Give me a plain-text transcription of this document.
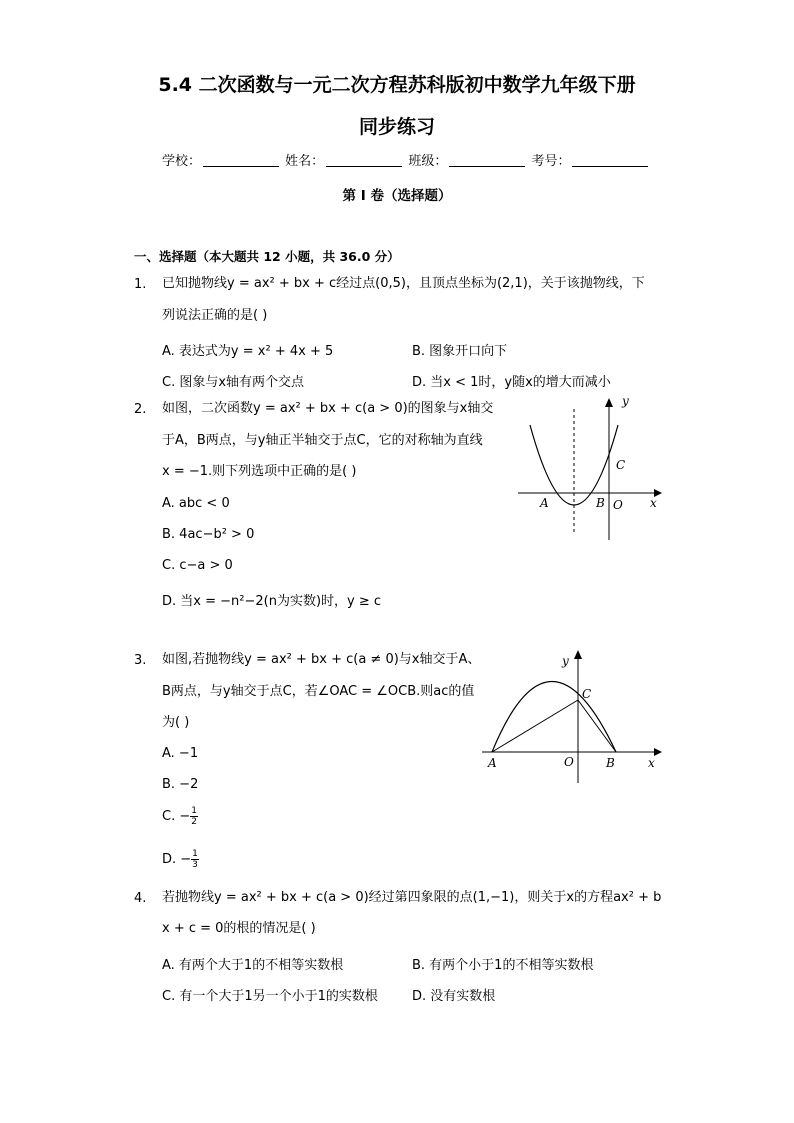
5.4 二次函数与一元二次方程苏科版初中数学九年级下册
同步练习
学校：	姓名：	班级：	考号：
第 I 卷（选择题）
一、选择题（本大题共 12 小题，共 36.0 分）
1. 已知抛物线y = ax² + bx + c经过点(0,5)，且顶点坐标为(2,1)，关于该抛物线，下
列说法正确的是( )
A. 表达式为y = x² + 4x + 5	B. 图象开口向下
C. 图象与x轴有两个交点	D. 当x < 1时，y随x的增大而减小
2. 如图，二次函数y = ax² + bx + c(a > 0)的图象与x轴交
于A，B两点，与y轴正半轴交于点C，它的对称轴为直线
x = −1.则下列选项中正确的是( )
A. abc < 0
B. 4ac−b² > 0
C. c−a > 0
D. 当x = −n²−2(n为实数)时，y ≥ c
y
x
A	B O
C
3. 如图,若抛物线y = ax² + bx + c(a ≠ 0)与x轴交于A、
B两点，与y轴交于点C，若∠OAC = ∠OCB.则ac的值
为( )
A. −1
B. −2
C. − $\frac{1}{2}$
D. − $\frac{1}{3}$
y
x
A	O	B
C
4. 若抛物线y = ax² + bx + c(a > 0)经过第四象限的点(1,−1)，则关于x的方程ax² + b
x + c = 0的根的情况是( )
A. 有两个大于1的不相等实数根	B. 有两个小于1的不相等实数根
C. 有一个大于1另一个小于1的实数根	D. 没有实数根
